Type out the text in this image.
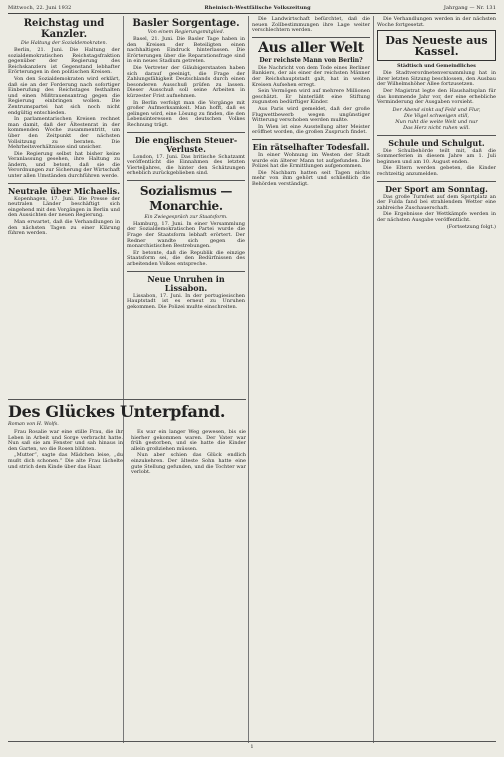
Mittwoch, 22. Juni 1932	Rheinisch-Westfälische Volkszeitung	Jahrgang — Nr. 131
Reichstag und Kanzler.
Die Haltung der Sozialdemokraten.

Berlin, 21. Juni. Die Haltung der sozialdemokratischen Reichstagsfraktion gegenüber der Regierung des Reichskanzlers ist Gegenstand lebhafter Erörterungen in den politischen Kreisen.

Von den Sozialdemokraten wird erklärt, daß sie an der Forderung nach sofortiger Einberufung des Reichstages festhalten und einen Mißtrauensantrag gegen die Regierung einbringen wollen. Die Zentrumspartei hat sich noch nicht endgültig entschieden.

In parlamentarischen Kreisen rechnet man damit, daß der Ältestenrat in der kommenden Woche zusammentritt, um über den Zeitpunkt der nächsten Vollsitzung zu beraten. Die Mehrheitsverhältnisse sind unsicher.

Die Regierung selbst hat bisher keine Veranlassung gesehen, ihre Haltung zu ändern, und betont, daß sie die Verordnungen zur Sicherung der Wirtschaft unter allen Umständen durchführen werde.

Neutrale über Michaelis.

Kopenhagen, 17. Juni. Die Presse der neutralen Länder beschäftigt sich eingehend mit den Vorgängen in Berlin und den Aussichten der neuen Regierung.

Man erwartet, daß die Verhandlungen in den nächsten Tagen zu einer Klärung führen werden.

Des Glückes Unterpfand.
Roman von H. Wolfs.

Frau Rosalie war eine stille Frau, die ihr Leben in Arbeit und Sorge verbracht hatte. Nun saß sie am Fenster und sah hinaus in den Garten, wo die Rosen blühten.

„Mutter“, sagte das Mädchen leise, „du mußt dich schonen.“ Die alte Frau lächelte und strich dem Kinde über das Haar.

Es war ein langer Weg gewesen, bis sie hierher gekommen waren. Der Vater war früh gestorben, und sie hatte die Kinder allein großziehen müssen.

Nun aber schien das Glück endlich einzukehren. Der älteste Sohn hatte eine gute Stellung gefunden, und die Tochter war verlobt.

Basler Sorgentage.
Von einem Regierungsmitglied.

Basel, 21. Juni. Die Basler Tage haben in den Kreisen der Beteiligten einen nachhaltigen Eindruck hinterlassen. Die Erörterungen über die Reparationsfrage sind in ein neues Stadium getreten.

Die Vertreter der Gläubigerstaaten haben sich darauf geeinigt, die Frage der Zahlungsfähigkeit Deutschlands durch einen besonderen Ausschuß prüfen zu lassen. Dieser Ausschuß soll seine Arbeiten in kürzester Frist aufnehmen.

In Berlin verfolgt man die Vorgänge mit großer Aufmerksamkeit. Man hofft, daß es gelingen wird, eine Lösung zu finden, die den Lebensinteressen des deutschen Volkes Rechnung trägt.

Die englischen Steuer-Verluste.

London, 17. Juni. Das britische Schatzamt veröffentlicht die Einnahmen des letzten Vierteljahres, die hinter den Schätzungen erheblich zurückgeblieben sind.

Sozialismus — Monarchie.
Ein Zwiegespräch zur Staatsform.

Hamburg, 17. Juni. In einer Versammlung der Sozialdemokratischen Partei wurde die Frage der Staatsform lebhaft erörtert. Der Redner wandte sich gegen die monarchistischen Bestrebungen.

Er betonte, daß die Republik die einzige Staatsform sei, die den Bedürfnissen des arbeitenden Volkes entspreche.

Neue Unruhen in Lissabon.

Lissabon, 17. Juni. In der portugiesischen Hauptstadt ist es erneut zu Unruhen gekommen. Die Polizei mußte einschreiten.

Die Landwirtschaft befürchtet, daß die neuen Zollbestimmungen ihre Lage weiter verschlechtern werden.

Aus aller Welt
Der reichste Mann von Berlin?

Die Nachricht von dem Tode eines Berliner Bankiers, der als einer der reichsten Männer der Reichshauptstadt galt, hat in weiten Kreisen Aufsehen erregt.

Sein Vermögen wird auf mehrere Millionen geschätzt. Er hinterläßt eine Stiftung zugunsten bedürftiger Kinder.

Aus Paris wird gemeldet, daß der große Flugwettbewerb wegen ungünstiger Witterung verschoben werden mußte.

In Wien ist eine Ausstellung alter Meister eröffnet worden, die großen Zuspruch findet.

Ein rätselhafter Todesfall.

In einer Wohnung im Westen der Stadt wurde ein älterer Mann tot aufgefunden. Die Polizei hat die Ermittlungen aufgenommen.

Die Nachbarn hatten seit Tagen nichts mehr von ihm gehört und schließlich die Behörden verständigt.

Die Verhandlungen werden in der nächsten Woche fortgesetzt.

Das Neueste aus Kassel.
Städtisch und Gemeindliches

Die Stadtverordnetenversammlung hat in ihrer letzten Sitzung beschlossen, den Ausbau der Wilhelmshöher Allee fortzusetzen.

Der Magistrat legte den Haushaltsplan für das kommende Jahr vor, der eine erhebliche Verminderung der Ausgaben vorsieht.

Der Abend sinkt auf Feld und Flur,
Die Vögel schweigen still,
Nun ruht die weite Welt und nur
Das Herz nicht ruhen will.
Schule und Schulgut.

Die Schulbehörde teilt mit, daß die Sommerferien in diesem Jahre am 1. Juli beginnen und am 10. August enden.

Die Eltern werden gebeten, die Kinder rechtzeitig anzumelden.

Der Sport am Sonntag.

Das große Turnfest auf dem Sportplatz an der Fulda fand bei strahlendem Wetter eine zahlreiche Zuschauerschaft.

Die Ergebnisse der Wettkämpfe werden in der nächsten Ausgabe veröffentlicht.

(Fortsetzung folgt.)

1
